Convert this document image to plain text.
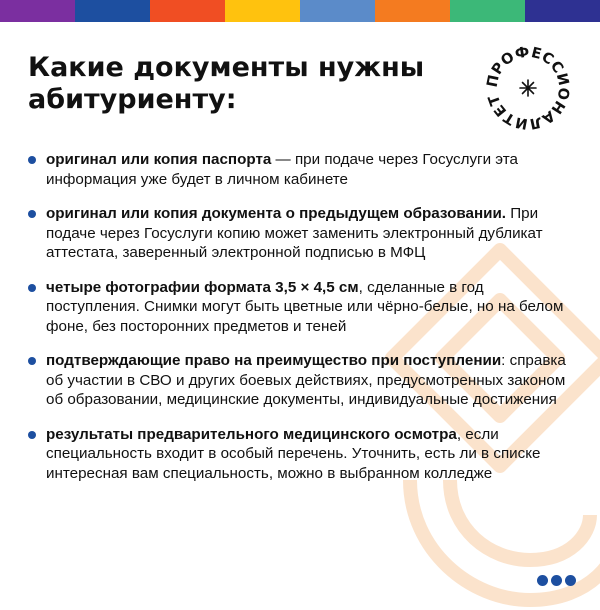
Какие документы нужны
абитуриенту:
ПРОФЕССИОНАЛИТЕТ
оригинал или копия паспорта — при подаче через Госуслуги эта информация уже будет в личном кабинете
оригинал или копия документа о предыдущем образовании. При подаче через Госуслуги копию может заменить электронный дубликат аттестата, заверенный электронной подписью в МФЦ
четыре фотографии формата 3,5 × 4,5 см, сделанные в год поступления. Снимки могут быть цветные или чёрно-белые, но на белом фоне, без посторонних предметов и теней
подтверждающие право на преимущество при поступлении: справка об участии в СВО и других боевых действиях, предусмотренных законом об образовании, медицинские документы, индивидуальные достижения
результаты предварительного медицинского осмотра, если специальность входит в особый перечень. Уточнить, есть ли в списке интересная вам специальность, можно в выбранном колледже
